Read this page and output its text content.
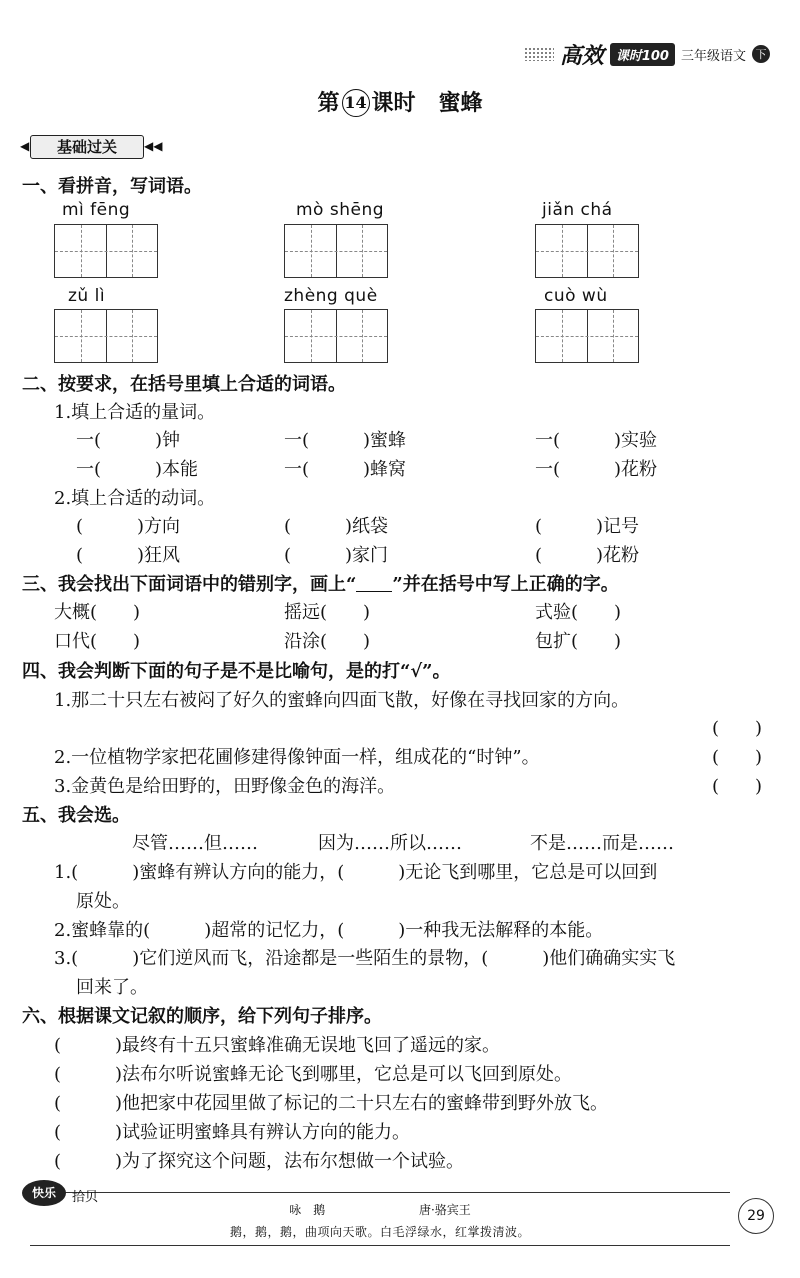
高效 课时100 三年级语文 下
第 14 课时 蜜蜂
◀	基础过关	◀◀
一、看拼音，写词语。
mì fēng	mò shēng	jiǎn chá
zǔ lì	zhèng què	cuò wù
二、按要求，在括号里填上合适的词语。
1.填上合适的量词。
一(　　　)钟	一(　　　)蜜蜂	一(　　　)实验
一(　　　)本能	一(　　　)蜂窝	一(　　　)花粉
2.填上合适的动词。
(　　　)方向	(　　　)纸袋	(　　　)记号
(　　　)狂风	(　　　)家门	(　　　)花粉
三、我会找出下面词语中的错别字，画上“ ”并在括号中写上正确的字。
大概(　　)	摇远(　　)	式验(　　)
口代(　　)	沿涂(　　)	包扩(　　)
四、我会判断下面的句子是不是比喻句，是的打“√”。
1.那二十只左右被闷了好久的蜜蜂向四面飞散，好像在寻找回家的方向。
(　　)
2.一位植物学家把花圃修建得像钟面一样，组成花的“时钟”。	(　　)
3.金黄色是给田野的，田野像金色的海洋。	(　　)
五、我会选。
尽管……但……	因为……所以……	不是……而是……
1.(　　　)蜜蜂有辨认方向的能力，(　　　)无论飞到哪里，它总是可以回到
原处。
2.蜜蜂靠的(　　　)超常的记忆力，(　　　)一种我无法解释的本能。
3.(　　　)它们逆风而飞，沿途都是一些陌生的景物，(　　　)他们确确实实飞
回来了。
六、根据课文记叙的顺序，给下列句子排序。
(　　　)最终有十五只蜜蜂准确无误地飞回了遥远的家。
(　　　)法布尔听说蜜蜂无论飞到哪里，它总是可以飞回到原处。
(　　　)他把家中花园里做了标记的二十只左右的蜜蜂带到野外放飞。
(　　　)试验证明蜜蜂具有辨认方向的能力。
(　　　)为了探究这个问题，法布尔想做一个试验。
咏　鹅	唐·骆宾王
鹅，鹅，鹅，曲项向天歌。白毛浮绿水，红掌拨清波。
快乐	拾贝
29
